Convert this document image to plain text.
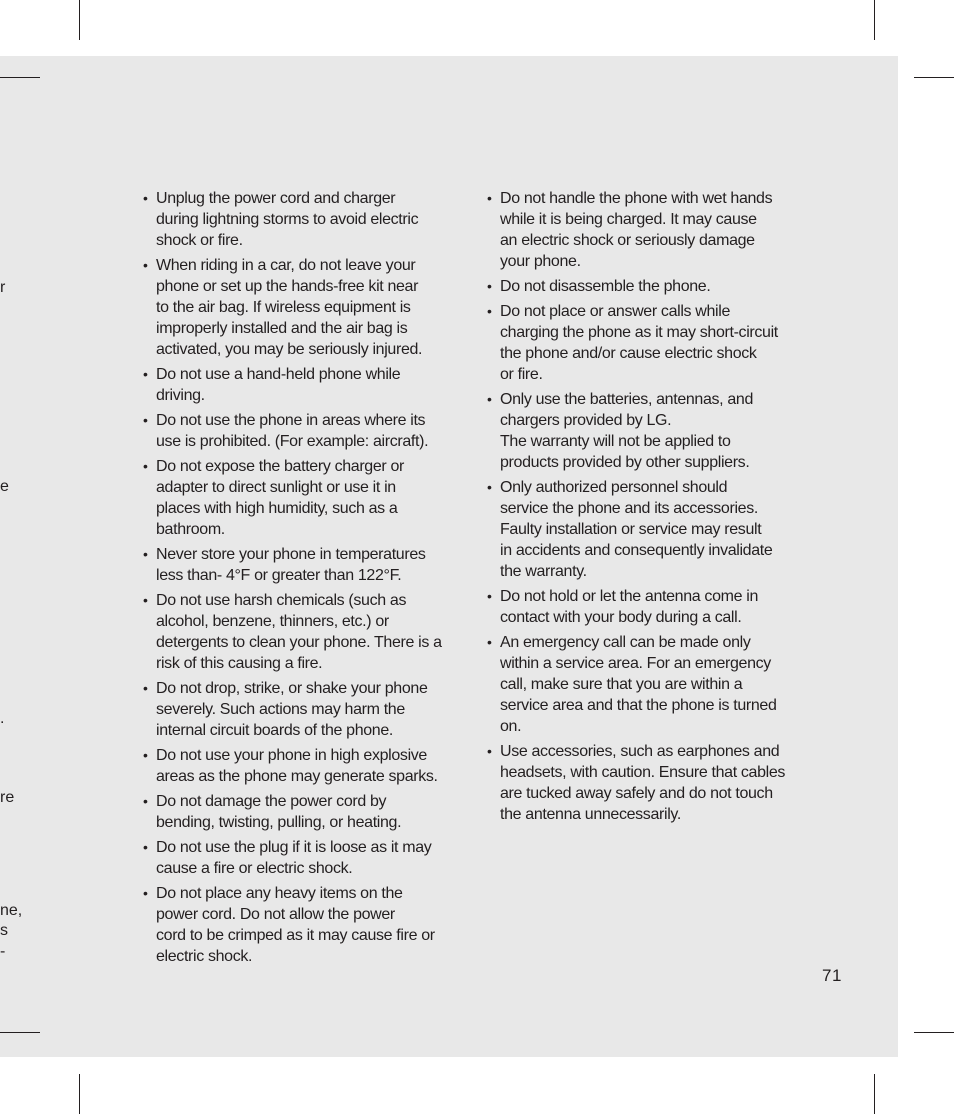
r
e
.
re
ne,
s
-
• Unplug the power cord and charger
during lightning storms to avoid electric
shock or fire.
• When riding in a car, do not leave your
phone or set up the hands-free kit near
to the air bag. If wireless equipment is
improperly installed and the air bag is
activated, you may be seriously injured.
• Do not use a hand-held phone while
driving.
• Do not use the phone in areas where its
use is prohibited. (For example: aircraft).
• Do not expose the battery charger or
adapter to direct sunlight or use it in
places with high humidity, such as a
bathroom.
• Never store your phone in temperatures
less than- 4°F or greater than 122°F.
• Do not use harsh chemicals (such as
alcohol, benzene, thinners, etc.) or
detergents to clean your phone. There is a
risk of this causing a fire.
• Do not drop, strike, or shake your phone
severely. Such actions may harm the
internal circuit boards of the phone.
• Do not use your phone in high explosive
areas as the phone may generate sparks.
• Do not damage the power cord by
bending, twisting, pulling, or heating.
• Do not use the plug if it is loose as it may
cause a fire or electric shock.
• Do not place any heavy items on the
power cord. Do not allow the power
cord to be crimped as it may cause fire or
electric shock.
• Do not handle the phone with wet hands
while it is being charged. It may cause
an electric shock or seriously damage
your phone.
• Do not disassemble the phone.
• Do not place or answer calls while
charging the phone as it may short-circuit
the phone and/or cause electric shock
or fire.
• Only use the batteries, antennas, and
chargers provided by LG.
The warranty will not be applied to
products provided by other suppliers.
• Only authorized personnel should
service the phone and its accessories.
Faulty installation or service may result
in accidents and consequently invalidate
the warranty.
• Do not hold or let the antenna come in
contact with your body during a call.
• An emergency call can be made only
within a service area. For an emergency
call, make sure that you are within a
service area and that the phone is turned
on.
• Use accessories, such as earphones and
headsets, with caution. Ensure that cables
are tucked away safely and do not touch
the antenna unnecessarily.
71
